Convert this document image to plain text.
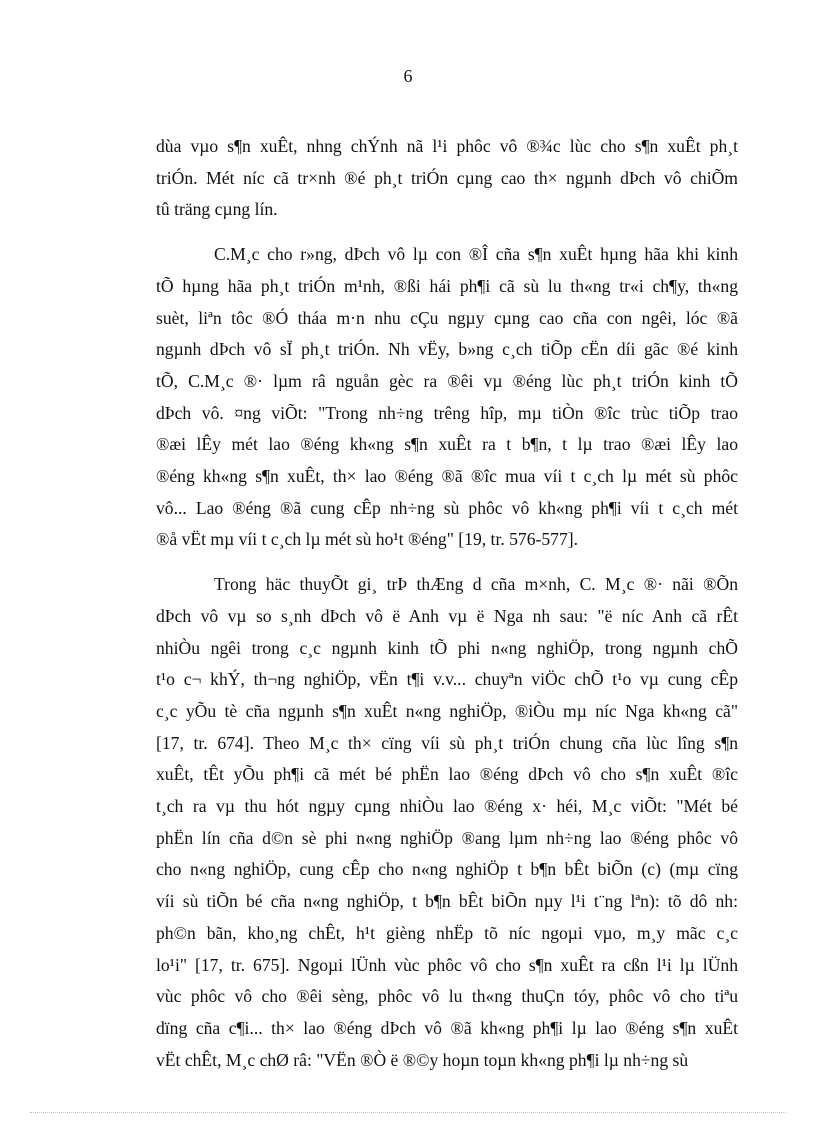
6
dùa vµo s¶n xuÊt, nhng chÝnh nã l¹i phôc vô ®¾c lùc cho s¶n xuÊt ph¸t
triÓn. Mét níc cã tr×nh ®é ph¸t triÓn cµng cao th× ngµnh dÞch vô chiÕm
tû träng cµng lín.
C.M¸c cho r»ng, dÞch vô lµ con ®Î cña s¶n xuÊt hµng hãa khi kinh
tÕ hµng hãa ph¸t triÓn m¹nh, ®ßi hái ph¶i cã sù lu th«ng tr«i ch¶y, th«ng
suèt, liªn tôc ®Ó tháa m·n nhu cÇu ngµy cµng cao cña con ngêi, lóc ®ã
ngµnh dÞch vô sÏ ph¸t triÓn. Nh vËy, b»ng c¸ch tiÕp cËn díi gãc ®é kinh
tÕ, C.M¸c ®· lµm râ nguån gèc ra ®êi vµ ®éng lùc ph¸t triÓn kinh tÕ
dÞch vô. ¤ng viÕt: "Trong nh÷ng trêng hîp, mµ tiÒn ®îc trùc tiÕp trao
®æi lÊy mét lao ®éng kh«ng s¶n xuÊt ra t b¶n, t lµ trao ®æi lÊy lao
®éng kh«ng s¶n xuÊt, th× lao ®éng ®ã ®îc mua víi t c¸ch lµ mét sù phôc
vô... Lao ®éng ®ã cung cÊp nh÷ng sù phôc vô kh«ng ph¶i víi t c¸ch mét
®å vËt mµ víi t c¸ch lµ mét sù ho¹t ®éng" [19, tr. 576-577].
Trong häc thuyÕt gi¸ trÞ thÆng d cña m×nh, C. M¸c ®· nãi ®Õn
dÞch vô vµ so s¸nh dÞch vô ë Anh vµ ë Nga nh sau: "ë níc Anh cã rÊt
nhiÒu ngêi trong c¸c ngµnh kinh tÕ phi n«ng nghiÖp, trong ngµnh chÕ
t¹o c¬ khÝ, th¬ng nghiÖp, vËn t¶i v.v... chuyªn viÖc chÕ t¹o vµ cung cÊp
c¸c yÕu tè cña ngµnh s¶n xuÊt n«ng nghiÖp, ®iÒu mµ níc Nga kh«ng cã"
[17, tr. 674]. Theo M¸c th× cïng víi sù ph¸t triÓn chung cña lùc lîng s¶n
xuÊt, tÊt yÕu ph¶i cã mét bé phËn lao ®éng dÞch vô cho s¶n xuÊt ®îc
t¸ch ra vµ thu hót ngµy cµng nhiÒu lao ®éng x· héi, M¸c viÕt: "Mét bé
phËn lín cña d©n sè phi n«ng nghiÖp ®ang lµm nh÷ng lao ®éng phôc vô
cho n«ng nghiÖp, cung cÊp cho n«ng nghiÖp t b¶n bÊt biÕn (c) (mµ cïng
víi sù tiÕn bé cña n«ng nghiÖp, t b¶n bÊt biÕn nµy l¹i t¨ng lªn): tõ dô nh:
ph©n bãn, kho¸ng chÊt, h¹t gièng nhËp tõ níc ngoµi vµo, m¸y mãc c¸c
lo¹i" [17, tr. 675]. Ngoµi lÜnh vùc phôc vô cho s¶n xuÊt ra cßn l¹i lµ lÜnh
vùc phôc vô cho ®êi sèng, phôc vô lu th«ng thuÇn tóy, phôc vô cho tiªu
dïng cña c¶i... th× lao ®éng dÞch vô ®ã kh«ng ph¶i lµ lao ®éng s¶n xuÊt
vËt chÊt, M¸c chØ râ: "VËn ®Ò ë ®©y hoµn toµn kh«ng ph¶i lµ nh÷ng sù
